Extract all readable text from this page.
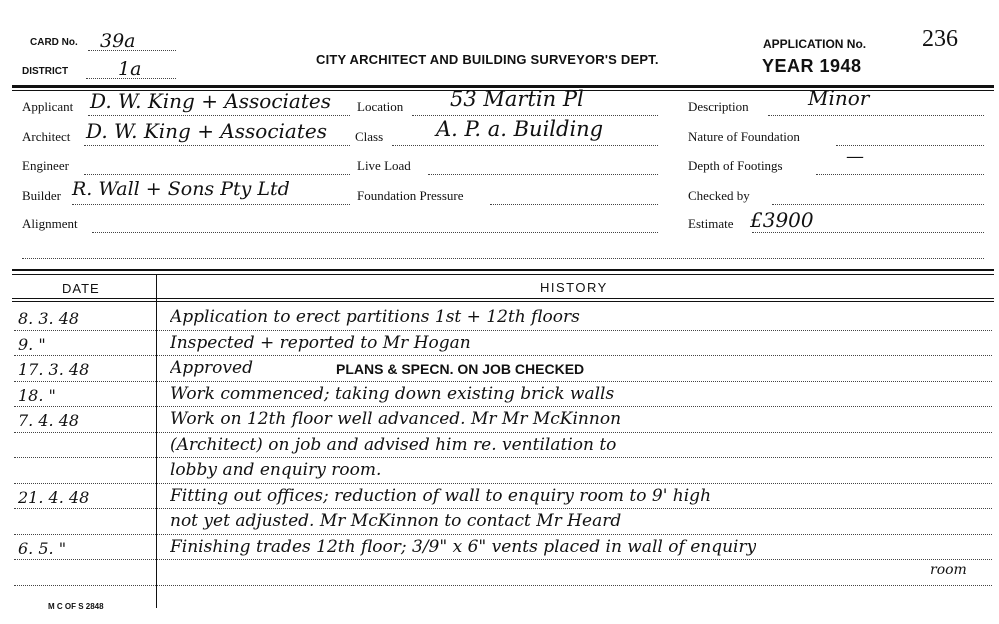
CARD No. 39a
DISTRICT	1a	CITY ARCHITECT AND BUILDING SURVEYOR'S DEPT.
APPLICATION No. 236
YEAR 1948
Applicant D. W. King + Associates
Architect D. W. King + Associates
Engineer
Builder R. Wall + Sons Pty Ltd
Alignment
Location 53 Martin Pl
Class	A. P. a. Building
Live Load
Foundation Pressure
Description	Minor
Nature of Foundation
Depth of Footings	—
Checked by
Estimate £3900
DATE	HISTORY
8. 3. 48	Application to erect partitions 1st + 12th floors
9. "	Inspected + reported to Mr Hogan
17. 3. 48	Approved	PLANS & SPECN. ON JOB CHECKED
18. "	Work commenced; taking down existing brick walls
7. 4. 48	Work on 12th floor well advanced. Mr Mr McKinnon
(Architect) on job and advised him re. ventilation to
lobby and enquiry room.
21. 4. 48	Fitting out offices; reduction of wall to enquiry room to 9' high
not yet adjusted. Mr McKinnon to contact Mr Heard
6. 5. "	Finishing trades 12th floor; 3/9" x 6" vents placed in wall of enquiry
room
M C OF S 2848
